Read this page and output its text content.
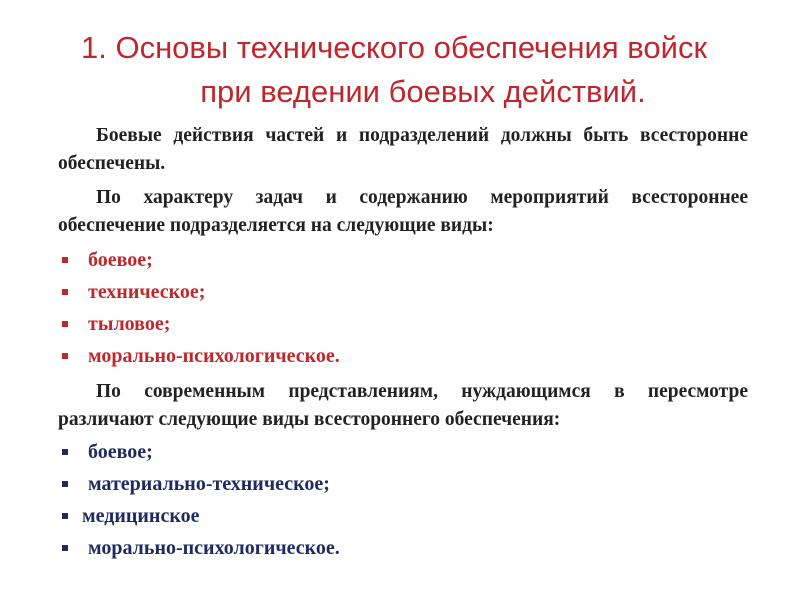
1. Основы технического обеспечения войск
при ведении боевых действий.

Боевые действия частей и подразделений должны быть всесторонне обеспечены.

По характеру задач и содержанию мероприятий всестороннее обеспечение подразделяется на следующие виды:

боевое;
техническое;
тыловое;
морально-психологическое.

По современным представлениям, нуждающимся в пересмотре различают следующие виды всестороннего обеспечения:

боевое;
материально-техническое;
медицинское
морально-психологическое.
